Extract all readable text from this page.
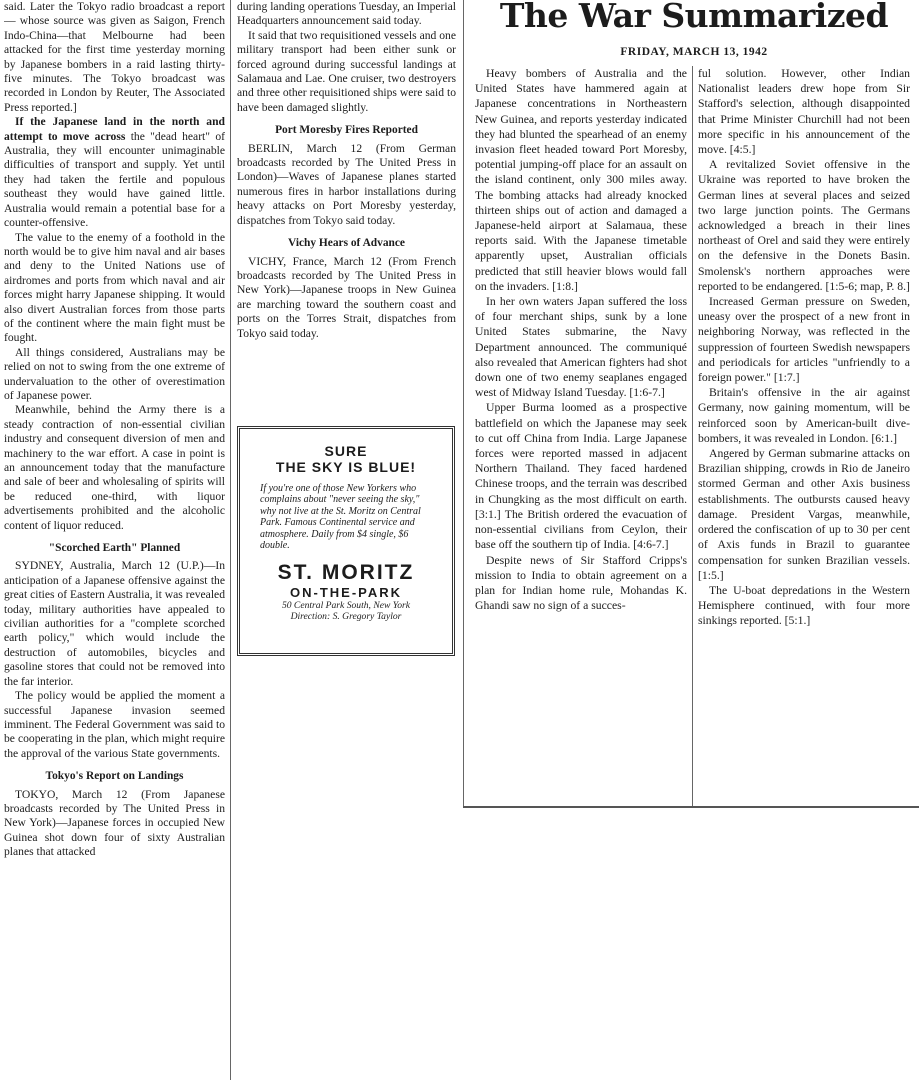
The War Summarized
FRIDAY, MARCH 13, 1942

said. Later the Tokyo radio broadcast a report — whose source was given as Saigon, French Indo-China—that Melbourne had been attacked for the first time yesterday morning by Japanese bombers in a raid lasting thirty-five minutes. The Tokyo broadcast was recorded in London by Reuter, The Associated Press reported.]

If the Japanese land in the north and attempt to move across the "dead heart" of Australia, they will encounter unimaginable difficulties of transport and supply. Yet until they had taken the fertile and populous southeast they would have gained little. Australia would remain a potential base for a counter-offensive.

The value to the enemy of a foothold in the north would be to give him naval and air bases and deny to the United Nations use of airdromes and ports from which naval and air forces might harry Japanese shipping. It would also divert Australian forces from those parts of the continent where the main fight must be fought.

All things considered, Australians may be relied on not to swing from the one extreme of undervaluation to the other of overestimation of Japanese power.

Meanwhile, behind the Army there is a steady contraction of non-essential civilian industry and consequent diversion of men and machinery to the war effort. A case in point is an announcement today that the manufacture and sale of beer and wholesaling of spirits will be reduced one-third, with liquor advertisements prohibited and the alcoholic content of liquor reduced.

"Scorched Earth" Planned

SYDNEY, Australia, March 12 (U.P.)—In anticipation of a Japanese offensive against the great cities of Eastern Australia, it was revealed today, military authorities have appealed to civilian authorities for a "complete scorched earth policy," which would include the destruction of automobiles, bicycles and gasoline stores that could not be removed into the far interior.

The policy would be applied the moment a successful Japanese invasion seemed imminent. The Federal Government was said to be cooperating in the plan, which might require the approval of the various State governments.

Tokyo's Report on Landings

TOKYO, March 12 (From Japanese broadcasts recorded by The United Press in New York)—Japanese forces in occupied New Guinea shot down four of sixty Australian planes that attacked

during landing operations Tuesday, an Imperial Headquarters announcement said today.

It said that two requisitioned vessels and one military transport had been either sunk or forced aground during successful landings at Salamaua and Lae. One cruiser, two destroyers and three other requisitioned ships were said to have been damaged slightly.

Port Moresby Fires Reported

BERLIN, March 12 (From German broadcasts recorded by The United Press in London)—Waves of Japanese planes started numerous fires in harbor installations during heavy attacks on Port Moresby yesterday, dispatches from Tokyo said today.

Vichy Hears of Advance

VICHY, France, March 12 (From French broadcasts recorded by The United Press in New York)—Japanese troops in New Guinea are marching toward the southern coast and ports on the Torres Strait, dispatches from Tokyo said today.

SURE
THE SKY IS BLUE!
If you're one of those New Yorkers who complains about "never seeing the sky," why not live at the St. Moritz on Central Park. Famous Continental service and atmosphere. Daily from $4 single, $6 double.
ST. MORITZ
ON-THE-PARK
50 Central Park South, New York
Direction: S. Gregory Taylor

Heavy bombers of Australia and the United States have hammered again at Japanese concentrations in Northeastern New Guinea, and reports yesterday indicated they had blunted the spearhead of an enemy invasion fleet headed toward Port Moresby, potential jumping-off place for an assault on the island continent, only 300 miles away. The bombing attacks had already knocked thirteen ships out of action and damaged a Japanese-held airport at Salamaua, these reports said. With the Japanese timetable apparently upset, Australian officials predicted that still heavier blows would fall on the invaders. [1:8.]

In her own waters Japan suffered the loss of four merchant ships, sunk by a lone United States submarine, the Navy Department announced. The communiqué also revealed that American fighters had shot down one of two enemy seaplanes engaged west of Midway Island Tuesday. [1:6-7.]

Upper Burma loomed as a prospective battlefield on which the Japanese may seek to cut off China from India. Large Japanese forces were reported massed in adjacent Northern Thailand. They faced hardened Chinese troops, and the terrain was described in Chungking as the most difficult on earth. [3:1.] The British ordered the evacuation of non-essential civilians from Ceylon, their base off the southern tip of India. [4:6-7.]

Despite news of Sir Stafford Cripps's mission to India to obtain agreement on a plan for Indian home rule, Mohandas K. Ghandi saw no sign of a succes-

ful solution. However, other Indian Nationalist leaders drew hope from Sir Stafford's selection, although disappointed that Prime Minister Churchill had not been more specific in his announcement of the move. [4:5.]

A revitalized Soviet offensive in the Ukraine was reported to have broken the German lines at several places and seized two large junction points. The Germans acknowledged a breach in their lines northeast of Orel and said they were entirely on the defensive in the Donets Basin. Smolensk's northern approaches were reported to be endangered. [1:5-6; map, P. 8.]

Increased German pressure on Sweden, uneasy over the prospect of a new front in neighboring Norway, was reflected in the suppression of fourteen Swedish newspapers and periodicals for articles "unfriendly to a foreign power." [1:7.]

Britain's offensive in the air against Germany, now gaining momentum, will be reinforced soon by American-built dive-bombers, it was revealed in London. [6:1.]

Angered by German submarine attacks on Brazilian shipping, crowds in Rio de Janeiro stormed German and other Axis business establishments. The outbursts caused heavy damage. President Vargas, meanwhile, ordered the confiscation of up to 30 per cent of Axis funds in Brazil to guarantee compensation for sunken Brazilian vessels. [1:5.]

The U-boat depredations in the Western Hemisphere continued, with four more sinkings reported. [5:1.]
